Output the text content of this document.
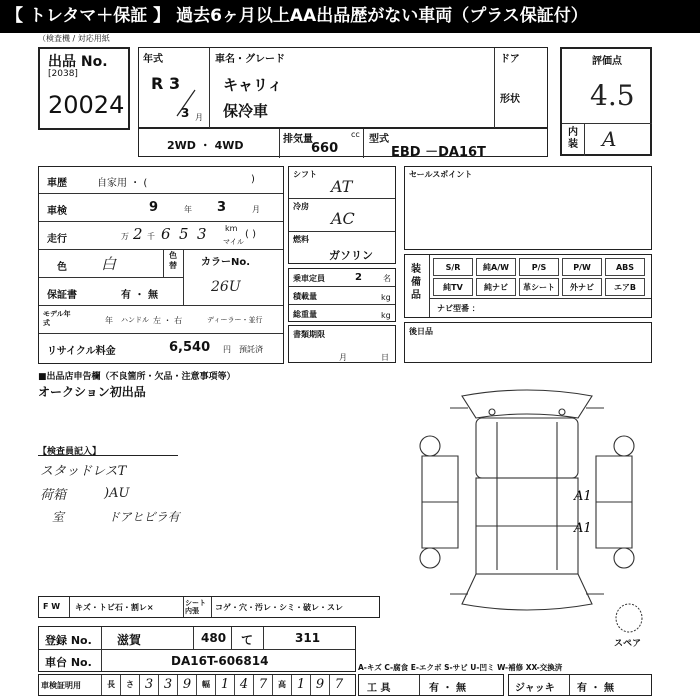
【 トレタマ＋保証 】 過去6ヶ月以上AA出品歴がない車両（プラス保証付）
（検査機 / 対応用紙
出品 No.
[2038]
20024
年式
R 3
3 月
車名・グレード
キャリィ
保冷車
ドア
形状
評価点
4.5
内装 A
2WD ・ 4WD	排気量	cc
660
型式
EBD －DA16T
車歴	自家用 ・ (	)
車検	9	年 3	月
走行	万 2 千 6 5 3 km
マイル
( )
色 白	色替 カラーNo.
26U
保証書	有 ・ 無
モデル年式	年 ハンドル 左 ・ 右	ディーラー・並行
リサイクル料金	6,540 円 預託済
シフト
AT
冷房
AC
燃料
ガソリン
乗車定員	2	名
積載量	kg
総重量	kg
書類期限
月	日
セールスポイント
装備品
S/R	純A/W	P/S	P/W	ABS
純TV	純ナビ	革シート	外ナビ	エアB
ナビ型番 ：
後日品
■出品店申告欄（不良箇所・欠品・注意事項等）
オークション初出品
【検査員記入】
スタッドレスT
荷箱
室
)AU
ドアヒビラ有
A1
A1
スペア
F W キズ・トビ石・割レ×	シート内張	コゲ・穴・汚レ・シミ・破レ・スレ
登録 No. 滋賀	480 て	311
車台 No.	DA16T-606814	A-キズ C-腐食 E-エクボ S-サビ U-凹ミ W-補修 XX-交換済
車検証明用	長	さ 3 3 9	幅 1 4 7	高 1 9 7	工 具	有 ・ 無	ジャッキ 有 ・ 無
